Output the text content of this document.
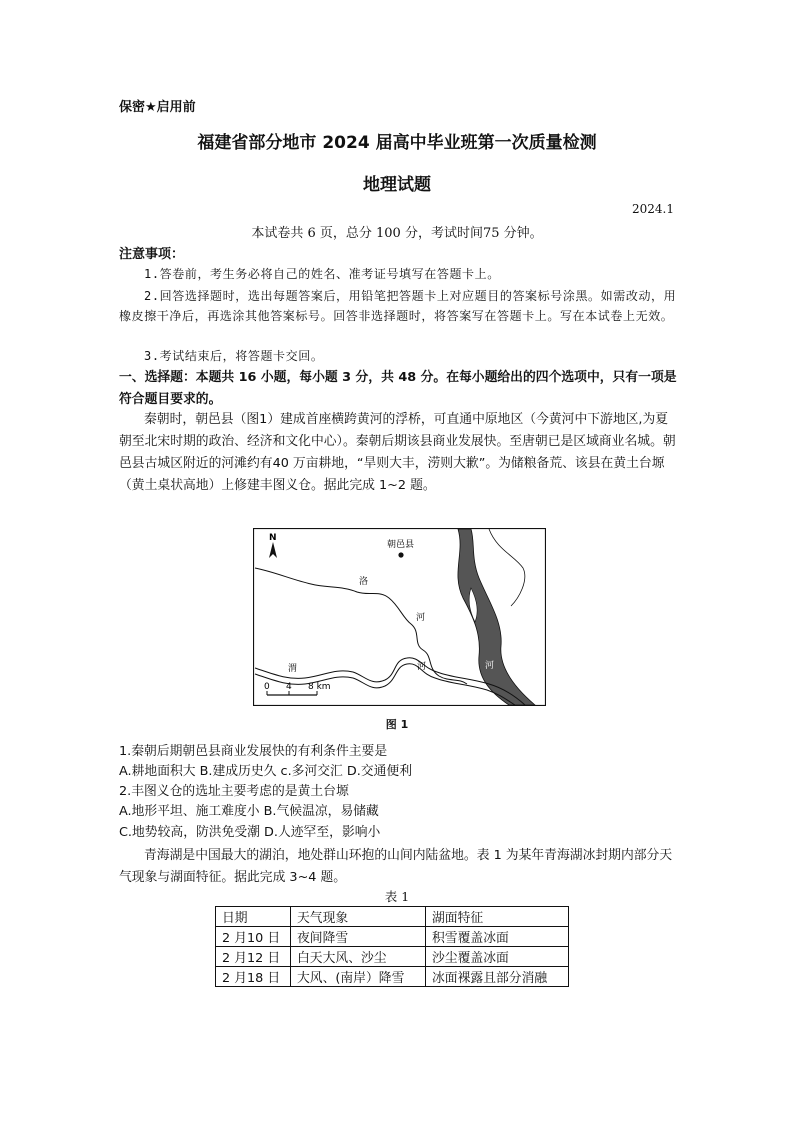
保密★启用前
福建省部分地市 2024 届高中毕业班第一次质量检测
地理试题
2024.1
本试卷共 6 页，总分 100 分，考试时间75 分钟。
注意事项：
1.答卷前，考生务必将自己的姓名、准考证号填写在答题卡上。
2.回答选择题时，选出每题答案后，用铅笔把答题卡上对应题目的答案标号涂黑。如需改动，用橡皮擦干净后，再选涂其他答案标号。回答非选择题时，将答案写在答题卡上。写在本试卷上无效。
3.考试结束后，将答题卡交回。
一、选择题：本题共 16 小题，每小题 3 分，共 48 分。在每小题给出的四个选项中，只有一项是符合题目要求的。
秦朝时，朝邑县（图1）建成首座横跨黄河的浮桥，可直通中原地区（今黄河中下游地区,为夏朝至北宋时期的政治、经济和文化中心）。秦朝后期该县商业发展快。至唐朝已是区域商业名城。朝邑县古城区附近的河滩约有40 万亩耕地，“旱则大丰，涝则大歉”。为储粮备荒、该县在黄土台塬（黄土桌状高地）上修建丰图义仓。据此完成 1~2 题。
N
朝邑县
洛
河
渭	河
黄
河
0 4 8 km
图 1
1.秦朝后期朝邑县商业发展快的有利条件主要是
A.耕地面积大 B.建成历史久 c.多河交汇 D.交通便利
2.丰图义仓的选址主要考虑的是黄土台塬
A.地形平坦、施工难度小 B.气候温凉，易储藏
C.地势较高，防洪免受潮 D.人迹罕至，影响小
青海湖是中国最大的湖泊，地处群山环抱的山间内陆盆地。表 1 为某年青海湖冰封期内部分天气现象与湖面特征。据此完成 3~4 题。
表 1
日期	天气现象	湖面特征
2 月10 日	夜间降雪	积雪覆盖冰面
2 月12 日	白天大风、沙尘	沙尘覆盖冰面
2 月18 日	大风、(南岸）降雪	冰面裸露且部分消融
